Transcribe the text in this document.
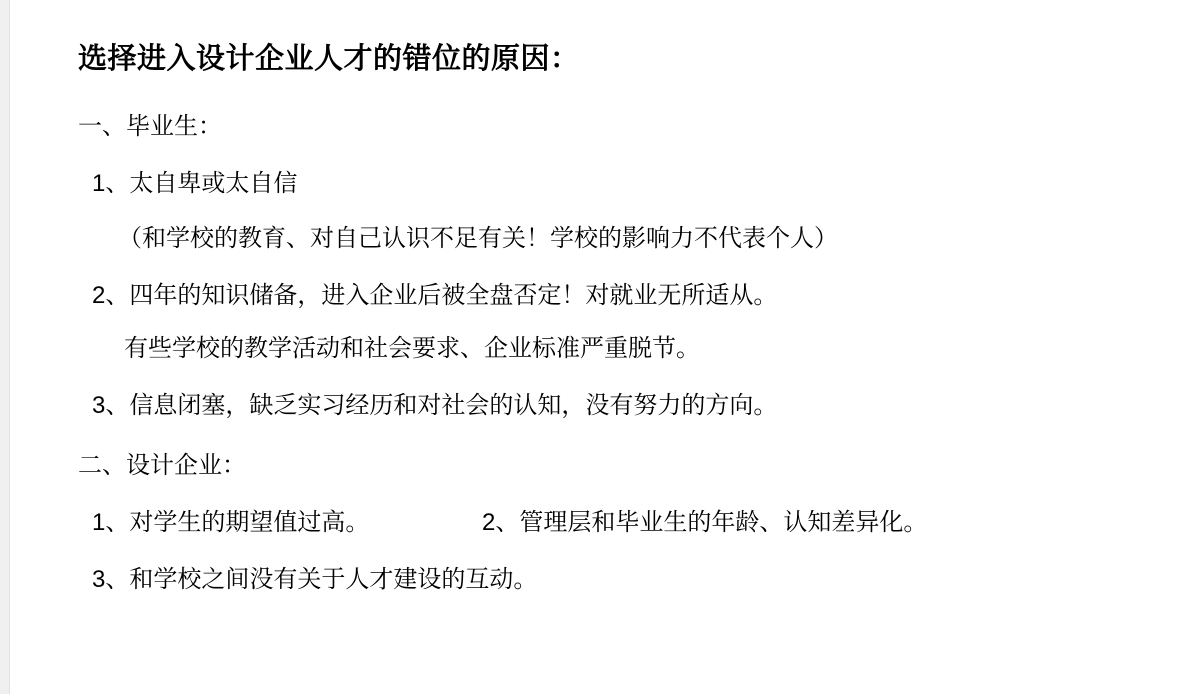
选择进入设计企业人才的错位的原因：
一、毕业生：
1、太自卑或太自信
（和学校的教育、对自己认识不足有关！学校的影响力不代表个人）
2、四年的知识储备，进入企业后被全盘否定！对就业无所适从。
有些学校的教学活动和社会要求、企业标准严重脱节。
3、信息闭塞，缺乏实习经历和对社会的认知，没有努力的方向。
二、设计企业：
1、对学生的期望值过高。	2、管理层和毕业生的年龄、认知差异化。
3、和学校之间没有关于人才建设的互动。
